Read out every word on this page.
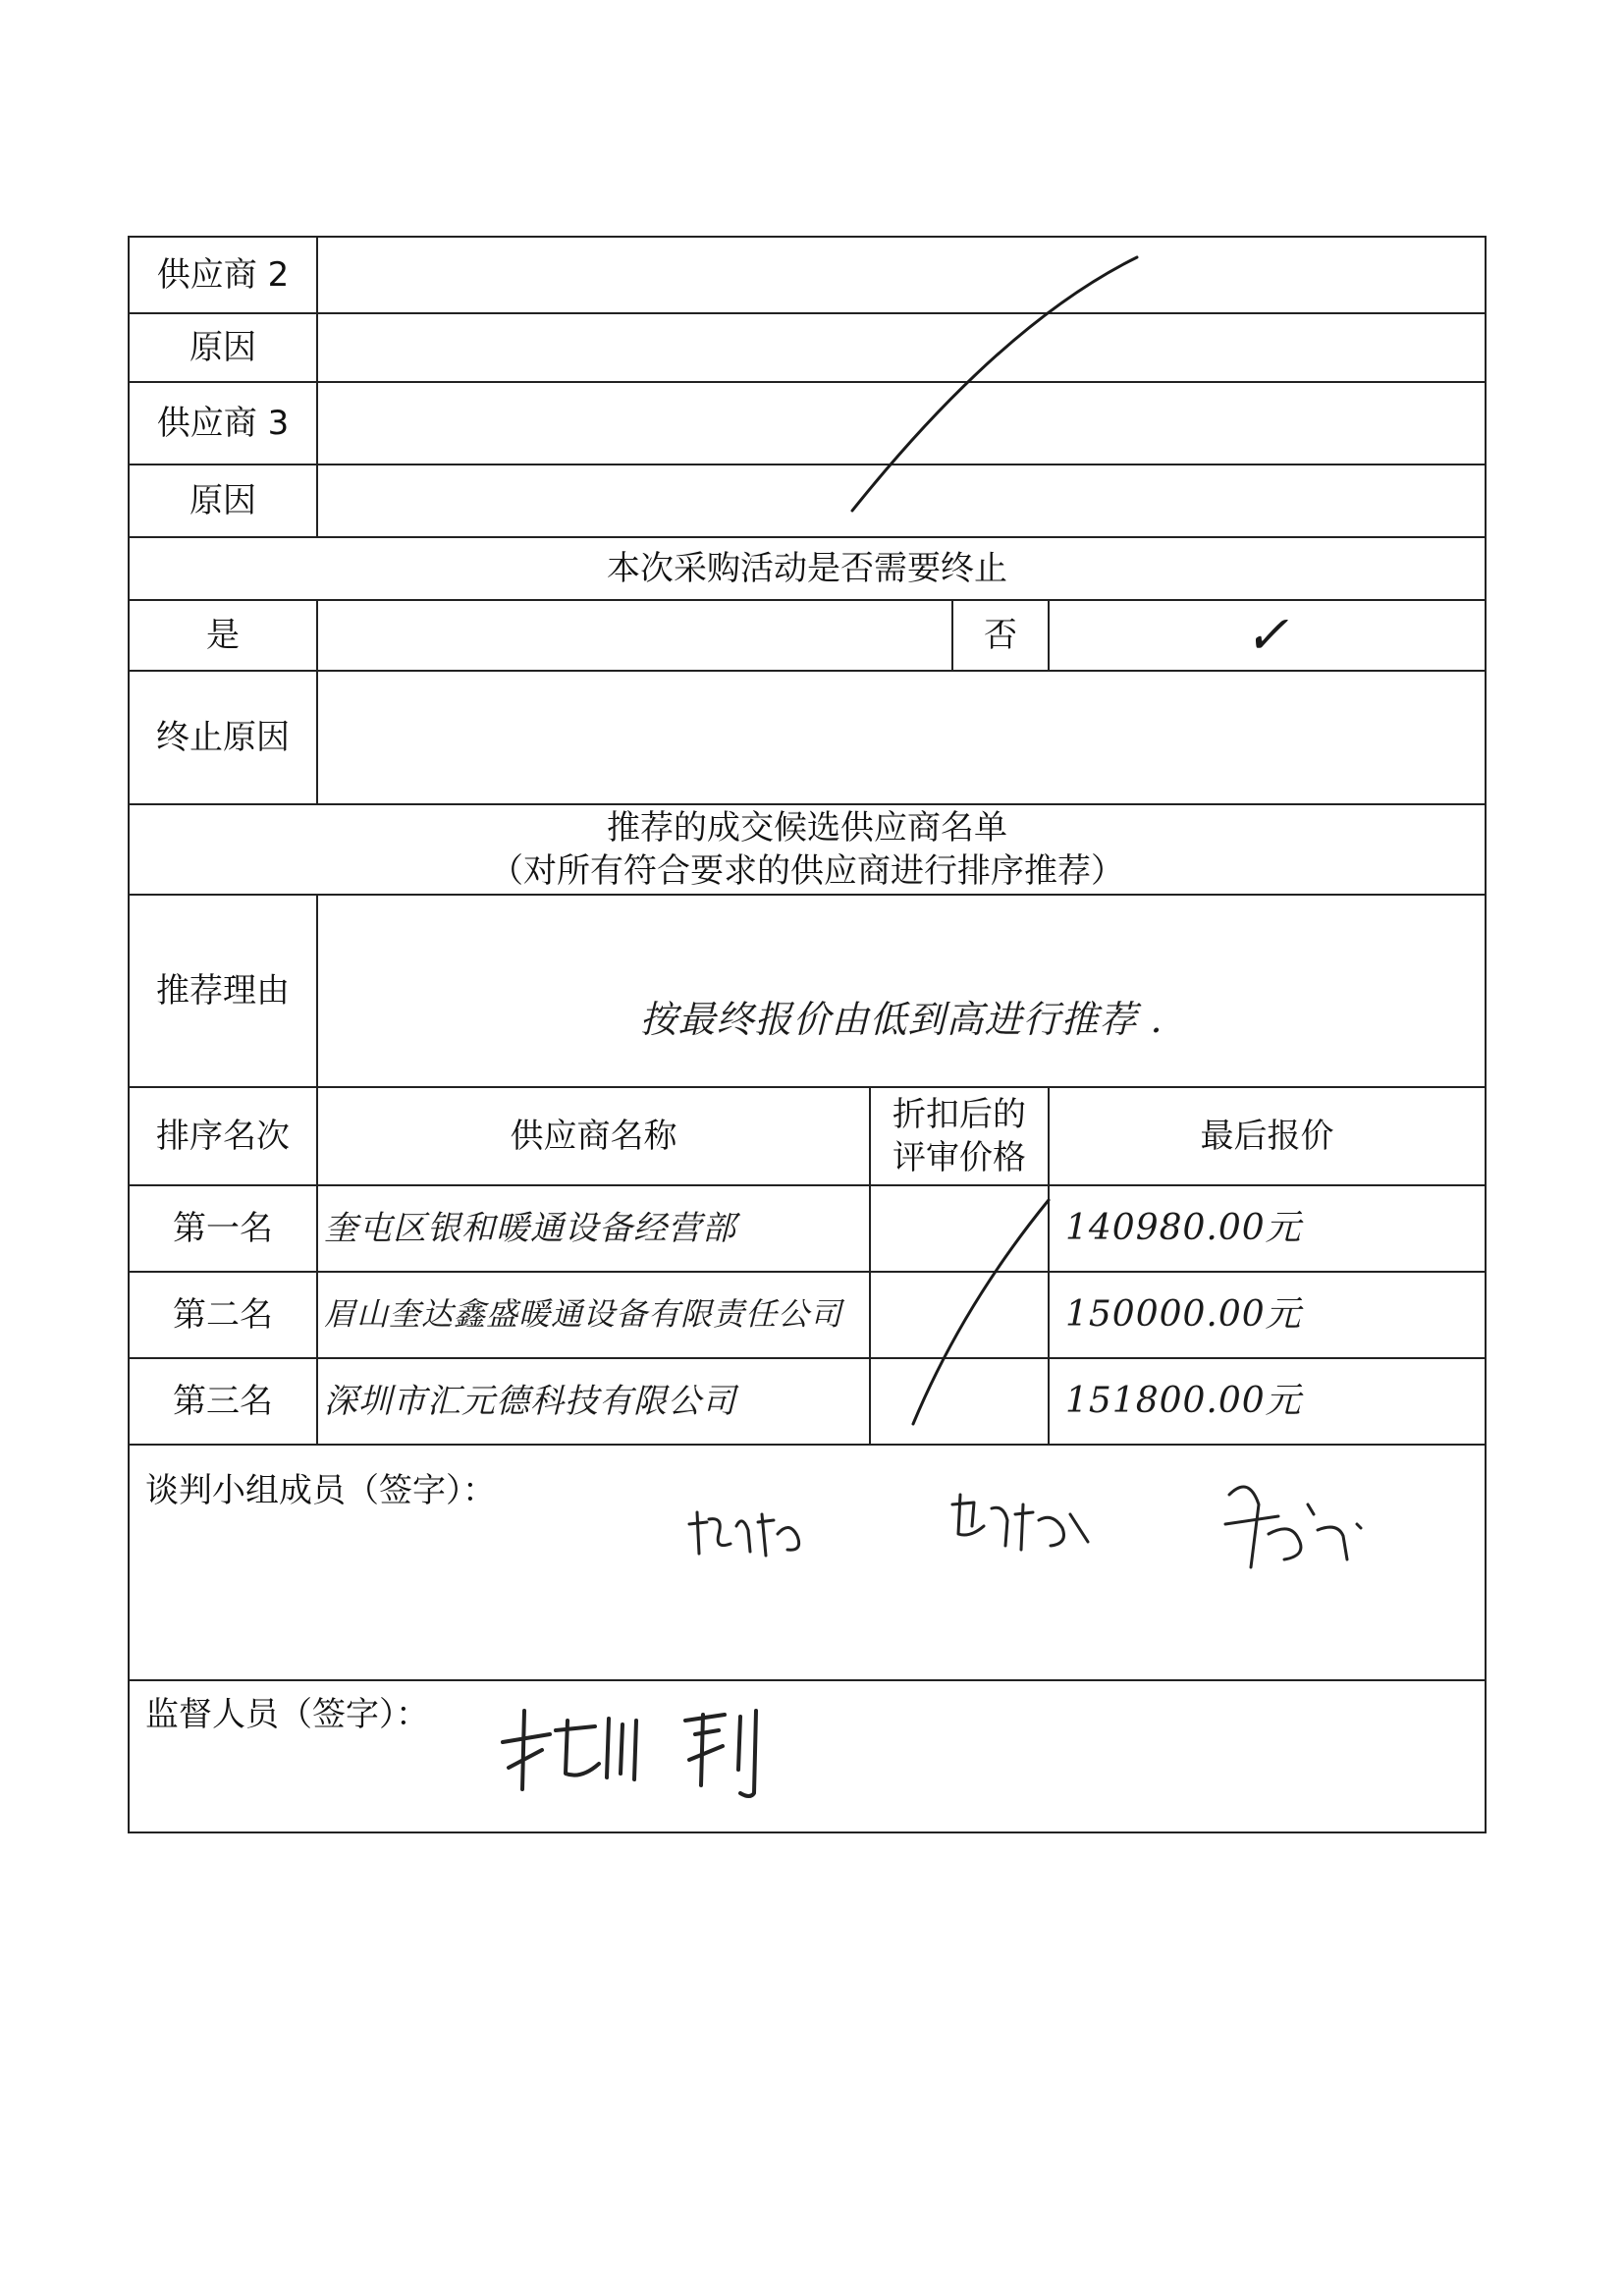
供应商 2				
原因				
供应商 3				
原因				
本次采购活动是否需要终止				
是			否	✓
终止原因				

推荐的成交候选供应商名单
（对所有符合要求的供应商进行排序推荐）				

推荐理由	按最终报价由低到高进行推荐 .			
排序名次	供应商名称	折扣后的评审价格		最后报价
第一名	奎屯区银和暖通设备经营部			140980.00元
第二名	眉山奎达鑫盛暖通设备有限责任公司			150000.00元
第三名	深圳市汇元德科技有限公司			151800.00元

谈判小组成员（签字）：				

监督人员（签字）：				
